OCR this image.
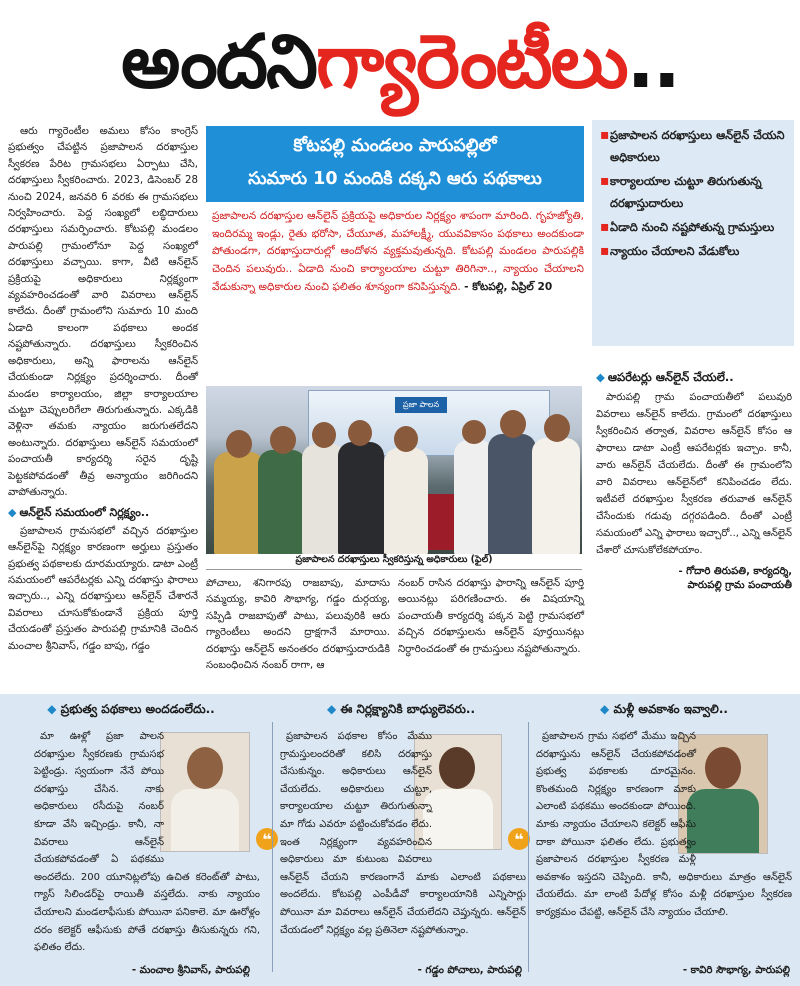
అందని గ్యారెంటీలు ..

ఆరు గ్యారెంటీల అమలు కోసం కాంగ్రెస్ ప్రభుత్వం చేపట్టిన ప్రజాపాలన దరఖాస్తుల స్వీకరణ పేరిట గ్రామసభలు ఏర్పాటు చేసి, దరఖాస్తులు స్వీకరించారు. 2023, డిసెంబర్ 28 నుంచి 2024, జనవరి 6 వరకు ఈ గ్రామసభలు నిర్వహించారు. పెద్ద సంఖ్యలో లబ్ధిదారులు దరఖాస్తులు సమర్పించారు. కోటపల్లి మండలం పారుపల్లి గ్రామంలోనూ పెద్ద సంఖ్యలో దరఖాస్తులు వచ్చాయి. కాగా, వీటి ఆన్‌లైన్ ప్రక్రియపై అధికారులు నిర్లక్ష్యంగా వ్యవహరించడంతో వారి వివరాలు ఆన్‌లైన్ కాలేదు. దీంతో గ్రామంలోని సుమారు 10 మంది ఏడాది కాలంగా పథకాలు అందక నష్టపోతున్నారు. దరఖాస్తులు స్వీకరించిన అధికారులు, అన్ని ఫారాలను ఆన్‌లైన్ చేయకుండా నిర్లక్ష్యం ప్రదర్శించారు. దీంతో మండల కార్యాలయం, జిల్లా కార్యాలయాల చుట్టూ చెప్పులరిగేలా తిరుగుతున్నారు. ఎక్కడికి వెళ్లినా తమకు న్యాయం జరుగుతలేదని అంటున్నారు. దరఖాస్తులు ఆన్‌లైన్ సమయంలో పంచాయతీ కార్యదర్శి సరైన దృష్టి పెట్టకపోవడంతో తీవ్ర అన్యాయం జరిగిందని వాపోతున్నారు.

◆ ఆన్‌లైన్ సమయంలో నిర్లక్ష్యం..

ప్రజాపాలన గ్రామసభలో వచ్చిన దరఖాస్తుల ఆన్‌లైన్‌పై నిర్లక్ష్యం కారణంగా అర్హులు ప్రస్తుతం ప్రభుత్వ పథకాలకు దూరమయ్యారు. డాటా ఎంట్రీ సమయంలో ఆపరేటర్లకు ఎన్ని దరఖాస్తు ఫారాలు ఇచ్చారు.., ఎన్ని దరఖాస్తులు ఆన్‌లైన్ చేశారనే వివరాలు చూసుకోకుండానే ప్రక్రియ పూర్తి చేయడంతో ప్రస్తుతం పారుపల్లి గ్రామానికి చెందిన మంచాల శ్రీనివాస్, గడ్డం బాపు, గడ్డం

కోటపల్లి మండలం పారుపల్లిలో
సుమారు 10 మందికి దక్కని ఆరు పథకాలు
ప్రజాపాలన దరఖాస్తుల ఆన్‌లైన్ ప్రక్రియపై అధికారుల నిర్లక్ష్యం శాపంగా మారింది. గృహజ్యోతి, ఇందిరమ్మ ఇండ్లు, రైతు భరోసా, చేయూత, మహాలక్ష్మీ, యువవికాసం పథకాలు అందకుండా పోతుండగా, దరఖాస్తుదారుల్లో ఆందోళన వ్యక్తమవుతున్నది. కోటపల్లి మండలం పారుపల్లికి చెందిన పలువురు.. ఏడాది నుంచి కార్యాలయాల చుట్టూ తిరిగినా.., న్యాయం చేయాలని వేడుకున్నా అధికారుల నుంచి ఫలితం శూన్యంగా కనిపిస్తున్నది. - కోటపల్లి, ఏప్రిల్ 20
ప్రజా పాలన
ప్రజాపాలన దరఖాస్తులు స్వీకరిస్తున్న అధికారులు (ఫైల్)
పోచాలు, శనిగారపు రాజబాపు, మాదాసు సమ్మయ్య, కావిరి సౌభాగ్య, గడ్డం దుర్గయ్య, సప్పిడి రాజబాపుతో పాటు, పలువురికి ఆరు గ్యారెంటీలు అందని ద్రాక్షగానే మారాయి. దరఖాస్తు ఆన్‌లైన్ అనంతరం దరఖాస్తుదారుడికి సంబంధించిన నంబర్ రాగా, ఆ
నంబర్ రాసిన దరఖాస్తు ఫారాన్ని ఆన్‌లైన్ పూర్తి అయినట్లు పరిగణించారు. ఈ విషయాన్ని పంచాయతీ కార్యదర్శి పక్కన పెట్టి గ్రామసభలో వచ్చిన దరఖాస్తులను ఆన్‌లైన్ పూర్తయినట్లు నిర్ధారించడంతో ఈ గ్రామస్తులు నష్టపోతున్నారు.
▪ ప్రజాపాలన దరఖాస్తులు ఆన్‌లైన్ చేయని అధికారులు
▪ కార్యాలయాల చుట్టూ తిరుగుతున్న దరఖాస్తుదారులు
▪ ఏడాది నుంచి నష్టపోతున్న గ్రామస్తులు
▪ న్యాయం చేయాలని వేడుకోలు
◆ ఆపరేటర్లు ఆన్‌లైన్ చేయలే..

పారుపల్లి గ్రామ పంచాయతీలో పలువురి వివరాలు ఆన్‌లైన్ కాలేదు. గ్రామంలో దరఖాస్తులు స్వీకరించిన తర్వాత, వివరాల ఆన్‌లైన్ కోసం ఆ ఫారాలు డాటా ఎంట్రీ ఆపరేటర్లకు ఇచ్చాం. కానీ, వారు ఆన్‌లైన్ చేయలేదు. దీంతో ఈ గ్రామంలోని వారి వివరాలు ఆన్‌లైన్‌లో కనిపించడం లేదు. ఇటీవలే దరఖాస్తుల స్వీకరణ తరువాత ఆన్‌లైన్ చేసేందుకు గడువు దగ్గరపడింది. దీంతో ఎంట్రీ సమయంలో ఎన్ని ఫారాలు ఇచ్చారో.., ఎన్ని ఆన్‌లైన్ చేశారో చూసుకోలేకపోయాం.

- గోదారి తిరుపతి, కార్యదర్శి,
పారుపల్లి గ్రామ పంచాయతీ
◆ ప్రభుత్వ పథకాలు అందడంలేదు..
మా ఊళ్లో ప్రజా పాలన దరఖాస్తుల స్వీకరణకు గ్రామసభ పెట్టిండ్రు. స్వయంగా నేనే పోయి దరఖాస్తు చేసిన. నాకు అధికారులు రసీదుపై నంబర్ కూడా వేసి ఇచ్చిండ్రు. కానీ, నా వివరాలు ఆన్‌లైన్ చేయకపోవడంతో ఏ పథకము అందలేదు. 200 యూనిట్లలోపు ఉచిత కరెంట్‌తో పాటు, గ్యాస్ సిలిండర్‌పై రాయితీ వస్తలేదు. నాకు న్యాయం చేయాలని మండలాఫీసుకు పోయినా పనికాలె. మా ఊరోళ్లం దరం కలెక్టర్ ఆఫీసుకు పోతే దరఖాస్తు తీసుకున్నరు గని, ఫలితం లేదు.
- మంచాల శ్రీనివాస్, పారుపల్లి
❝
◆ ఈ నిర్లక్ష్యానికి బాధ్యులెవరు..
ప్రజాపాలన పథకాల కోసం మేము గ్రామస్తులందరితో కలిసి దరఖాస్తు చేసుకున్నం. అధికారులు ఆన్‌లైన్ చేయలేదు. అధికారులు చుట్టూ, కార్యాలయాల చుట్టూ తిరుగుతున్నా మా గోడు ఎవరూ పట్టించుకోవడం లేదు. ఇంత నిర్లక్ష్యంగా వ్యవహరించిన అధికారులు మా కుటుంబ వివరాలు ఆన్‌లైన్ చేయని కారణంగానే మాకు ఎలాంటి పథకాలు అందలేదు. కోటపల్లి ఎంపీడీవో కార్యాలయానికి ఎన్నిసార్లు పోయినా మా వివరాలు ఆన్‌లైన్ చేయలేదని చెప్తున్నరు. ఆన్‌లైన్ చేయడంలో నిర్లక్ష్యం వల్ల ప్రతినెలా నష్టపోతున్నాం.
- గడ్డం పోచాలు, పారుపల్లి
❝
◆ మళ్లీ అవకాశం ఇవ్వాలి..
ప్రజాపాలన గ్రామ సభలో మేము ఇచ్చిన దరఖాస్తును ఆన్‌లైన్ చేయకపోవడంతో ప్రభుత్వ పథకాలకు దూరమైనం. కొంతమంది నిర్లక్ష్యం కారణంగా మాకు ఎలాంటి పథకము అందకుండా పోయింది. మాకు న్యాయం చేయాలని కలెక్టర్ ఆఫీసు దాకా పోయినా ఫలితం లేదు. ప్రభుత్వం ప్రజాపాలన దరఖాస్తుల స్వీకరణ మళ్లీ అవకాశం ఇస్తదని చెప్పింది. కానీ, అధికారులు మాత్రం ఆన్‌లైన్ చేయలేదు. మా లాంటి పేదోళ్ల కోసం మళ్లీ దరఖాస్తుల స్వీకరణ కార్యక్రమం చేపట్టి, ఆన్‌లైన్ చేసి న్యాయం చేయాలి.
- కావిరి సౌభాగ్య, పారుపల్లి
